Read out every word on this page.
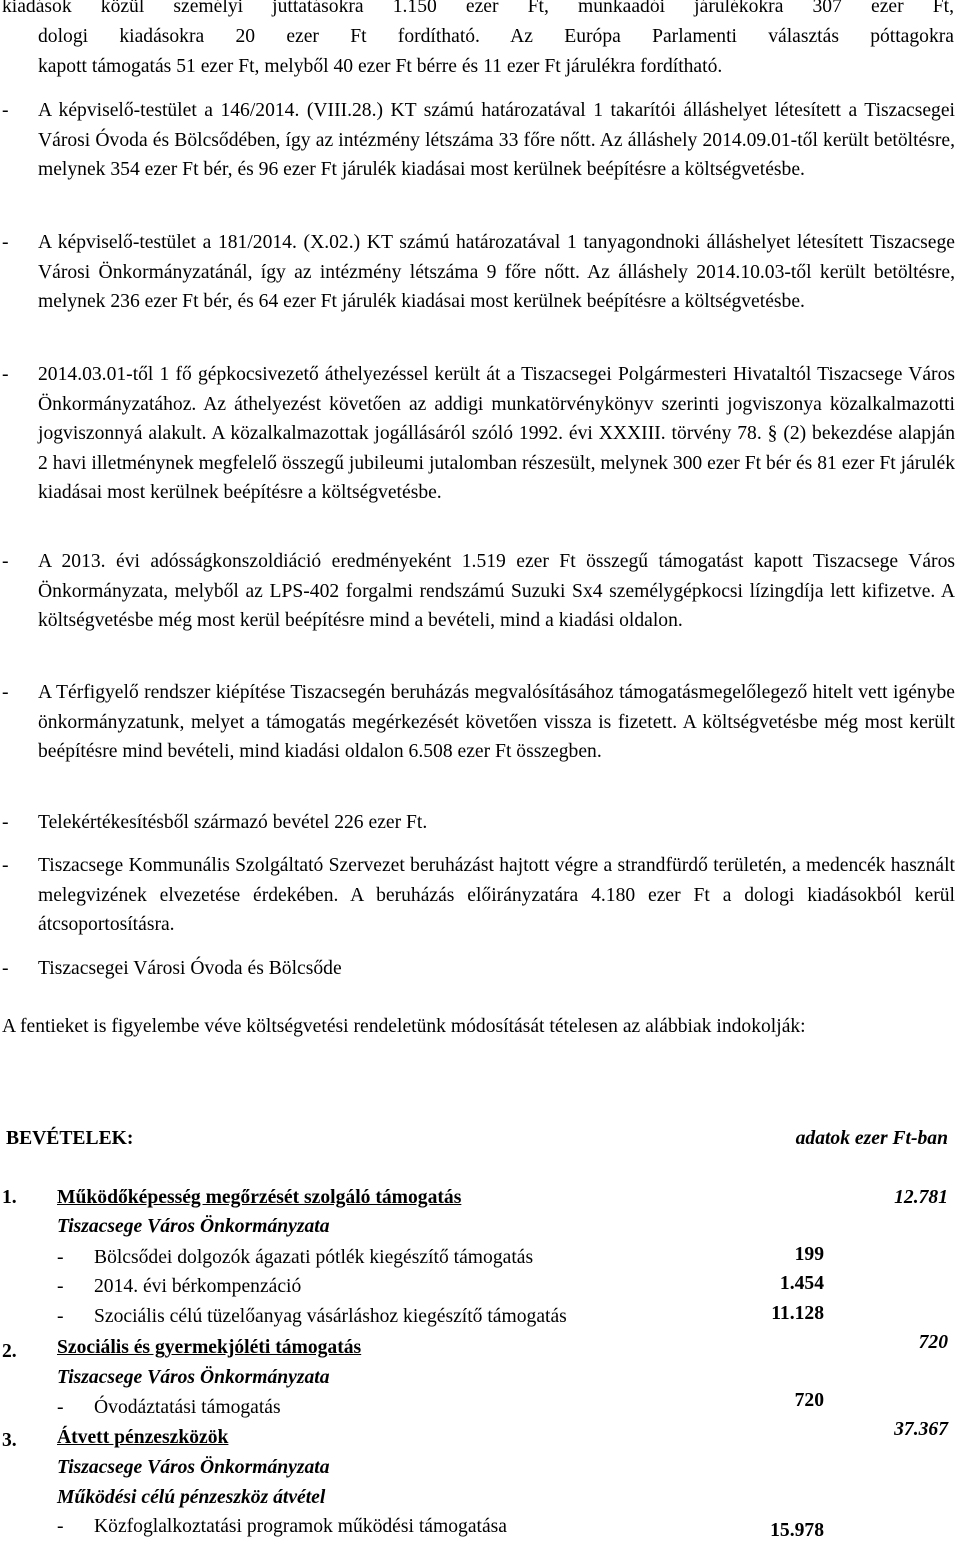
kiadások közül személyi juttatásokra 1.150 ezer Ft, munkaadói járulékokra 307 ezer Ft,
dologi kiadásokra 20 ezer Ft fordítható. Az Európa Parlamenti választás póttagokra
kapott támogatás 51 ezer Ft, melyből 40 ezer Ft bérre és 11 ezer Ft járulékra fordítható.
- A képviselő-testület a 146/2014. (VIII.28.) KT számú határozatával 1 takarítói álláshelyet létesített a Tiszacsegei Városi Óvoda és Bölcsődében, így az intézmény létszáma 33 főre nőtt. Az álláshely 2014.09.01-től került betöltésre, melynek 354 ezer Ft bér, és 96 ezer Ft járulék kiadásai most kerülnek beépítésre a költségvetésbe.
- A képviselő-testület a 181/2014. (X.02.) KT számú határozatával 1 tanyagondnoki álláshelyet létesített Tiszacsege Városi Önkormányzatánál, így az intézmény létszáma 9 főre nőtt. Az álláshely 2014.10.03-től került betöltésre, melynek 236 ezer Ft bér, és 64 ezer Ft járulék kiadásai most kerülnek beépítésre a költségvetésbe.
- 2014.03.01-től 1 fő gépkocsivezető áthelyezéssel került át a Tiszacsegei Polgármesteri Hivataltól Tiszacsege Város Önkormányzatához. Az áthelyezést követően az addigi munkatörvénykönyv szerinti jogviszonya közalkalmazotti jogviszonnyá alakult. A közalkalmazottak jogállásáról szóló 1992. évi XXXIII. törvény 78. § (2) bekezdése alapján 2 havi illetménynek megfelelő összegű jubileumi jutalomban részesült, melynek 300 ezer Ft bér és 81 ezer Ft járulék kiadásai most kerülnek beépítésre a költségvetésbe.
- A 2013. évi adósságkonszoldiáció eredményeként 1.519 ezer Ft összegű támogatást kapott Tiszacsege Város Önkormányzata, melyből az LPS-402 forgalmi rendszámú Suzuki Sx4 személygépkocsi lízingdíja lett kifizetve. A költségvetésbe még most kerül beépítésre mind a bevételi, mind a kiadási oldalon.
- A Térfigyelő rendszer kiépítése Tiszacsegén beruházás megvalósításához támogatásmegelőlegező hitelt vett igénybe önkormányzatunk, melyet a támogatás megérkezését követően vissza is fizetett. A költségvetésbe még most került beépítésre mind bevételi, mind kiadási oldalon 6.508 ezer Ft összegben.
- Telekértékesítésből származó bevétel 226 ezer Ft.
- Tiszacsege Kommunális Szolgáltató Szervezet beruházást hajtott végre a strandfürdő területén, a medencék használt melegvizének elvezetése érdekében. A beruházás előirányzatára 4.180 ezer Ft a dologi kiadásokból kerül átcsoportosításra.
- Tiszacsegei Városi Óvoda és Bölcsőde
A fentieket is figyelembe véve költségvetési rendeletünk módosítását tételesen az alábbiak indokolják:
BEVÉTELEK:	adatok ezer Ft-ban
1. Működőképesség megőrzését szolgáló támogatás	12.781
Tiszacsege Város Önkormányzata
- Bölcsődei dolgozók ágazati pótlék kiegészítő támogatás	199
- 2014. évi bérkompenzáció	1.454
- Szociális célú tüzelőanyag vásárláshoz kiegészítő támogatás	11.128
2. Szociális és gyermekjóléti támogatás	720
Tiszacsege Város Önkormányzata
- Óvodáztatási támogatás	720
3. Átvett pénzeszközök	37.367
Tiszacsege Város Önkormányzata
Működési célú pénzeszköz átvétel
- Közfoglalkoztatási programok működési támogatása	15.978
